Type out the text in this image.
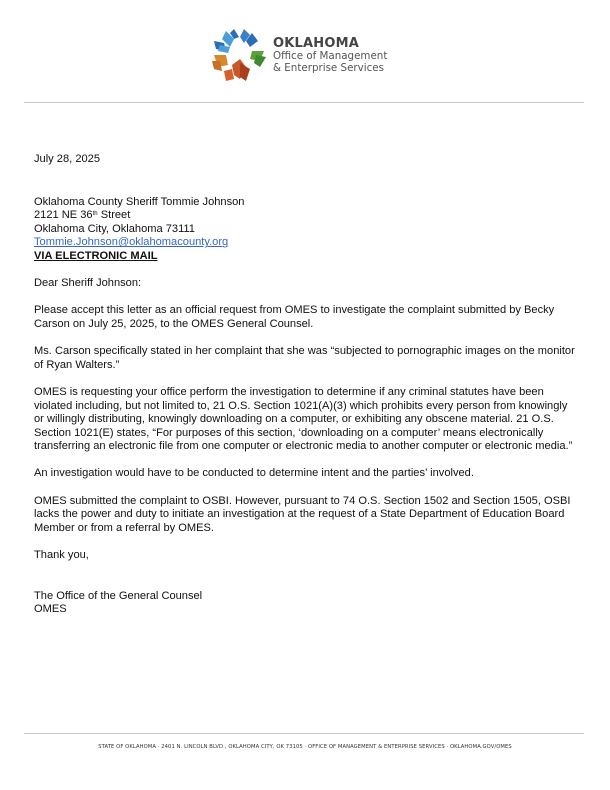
OKLAHOMA
Office of Management
& Enterprise Services

July 28, 2025

Oklahoma County Sheriff Tommie Johnson

2121 NE 36th Street

Oklahoma City, Oklahoma 73111

Tommie.Johnson@oklahomacounty.org

VIA ELECTRONIC MAIL

Dear Sheriff Johnson:

Please accept this letter as an official request from OMES to investigate the complaint submitted by Becky Carson on July 25, 2025, to the OMES General Counsel.

Ms. Carson specifically stated in her complaint that she was “subjected to pornographic images on the monitor of Ryan Walters.”

OMES is requesting your office perform the investigation to determine if any criminal statutes have been violated including, but not limited to, 21 O.S. Section 1021(A)(3) which prohibits every person from knowingly or willingly distributing, knowingly downloading on a computer, or exhibiting any obscene material. 21 O.S. Section 1021(E) states, “For purposes of this section, ‘downloading on a computer’ means electronically transferring an electronic file from one computer or electronic media to another computer or electronic media.”

An investigation would have to be conducted to determine intent and the parties’ involved.

OMES submitted the complaint to OSBI. However, pursuant to 74 O.S. Section 1502 and Section 1505, OSBI lacks the power and duty to initiate an investigation at the request of a State Department of Education Board Member or from a referral by OMES.

Thank you,

The Office of the General Counsel

OMES

STATE OF OKLAHOMA · 2401 N. LINCOLN BLVD., OKLAHOMA CITY, OK 73105 · OFFICE OF MANAGEMENT & ENTERPRISE SERVICES · OKLAHOMA.GOV/OMES
